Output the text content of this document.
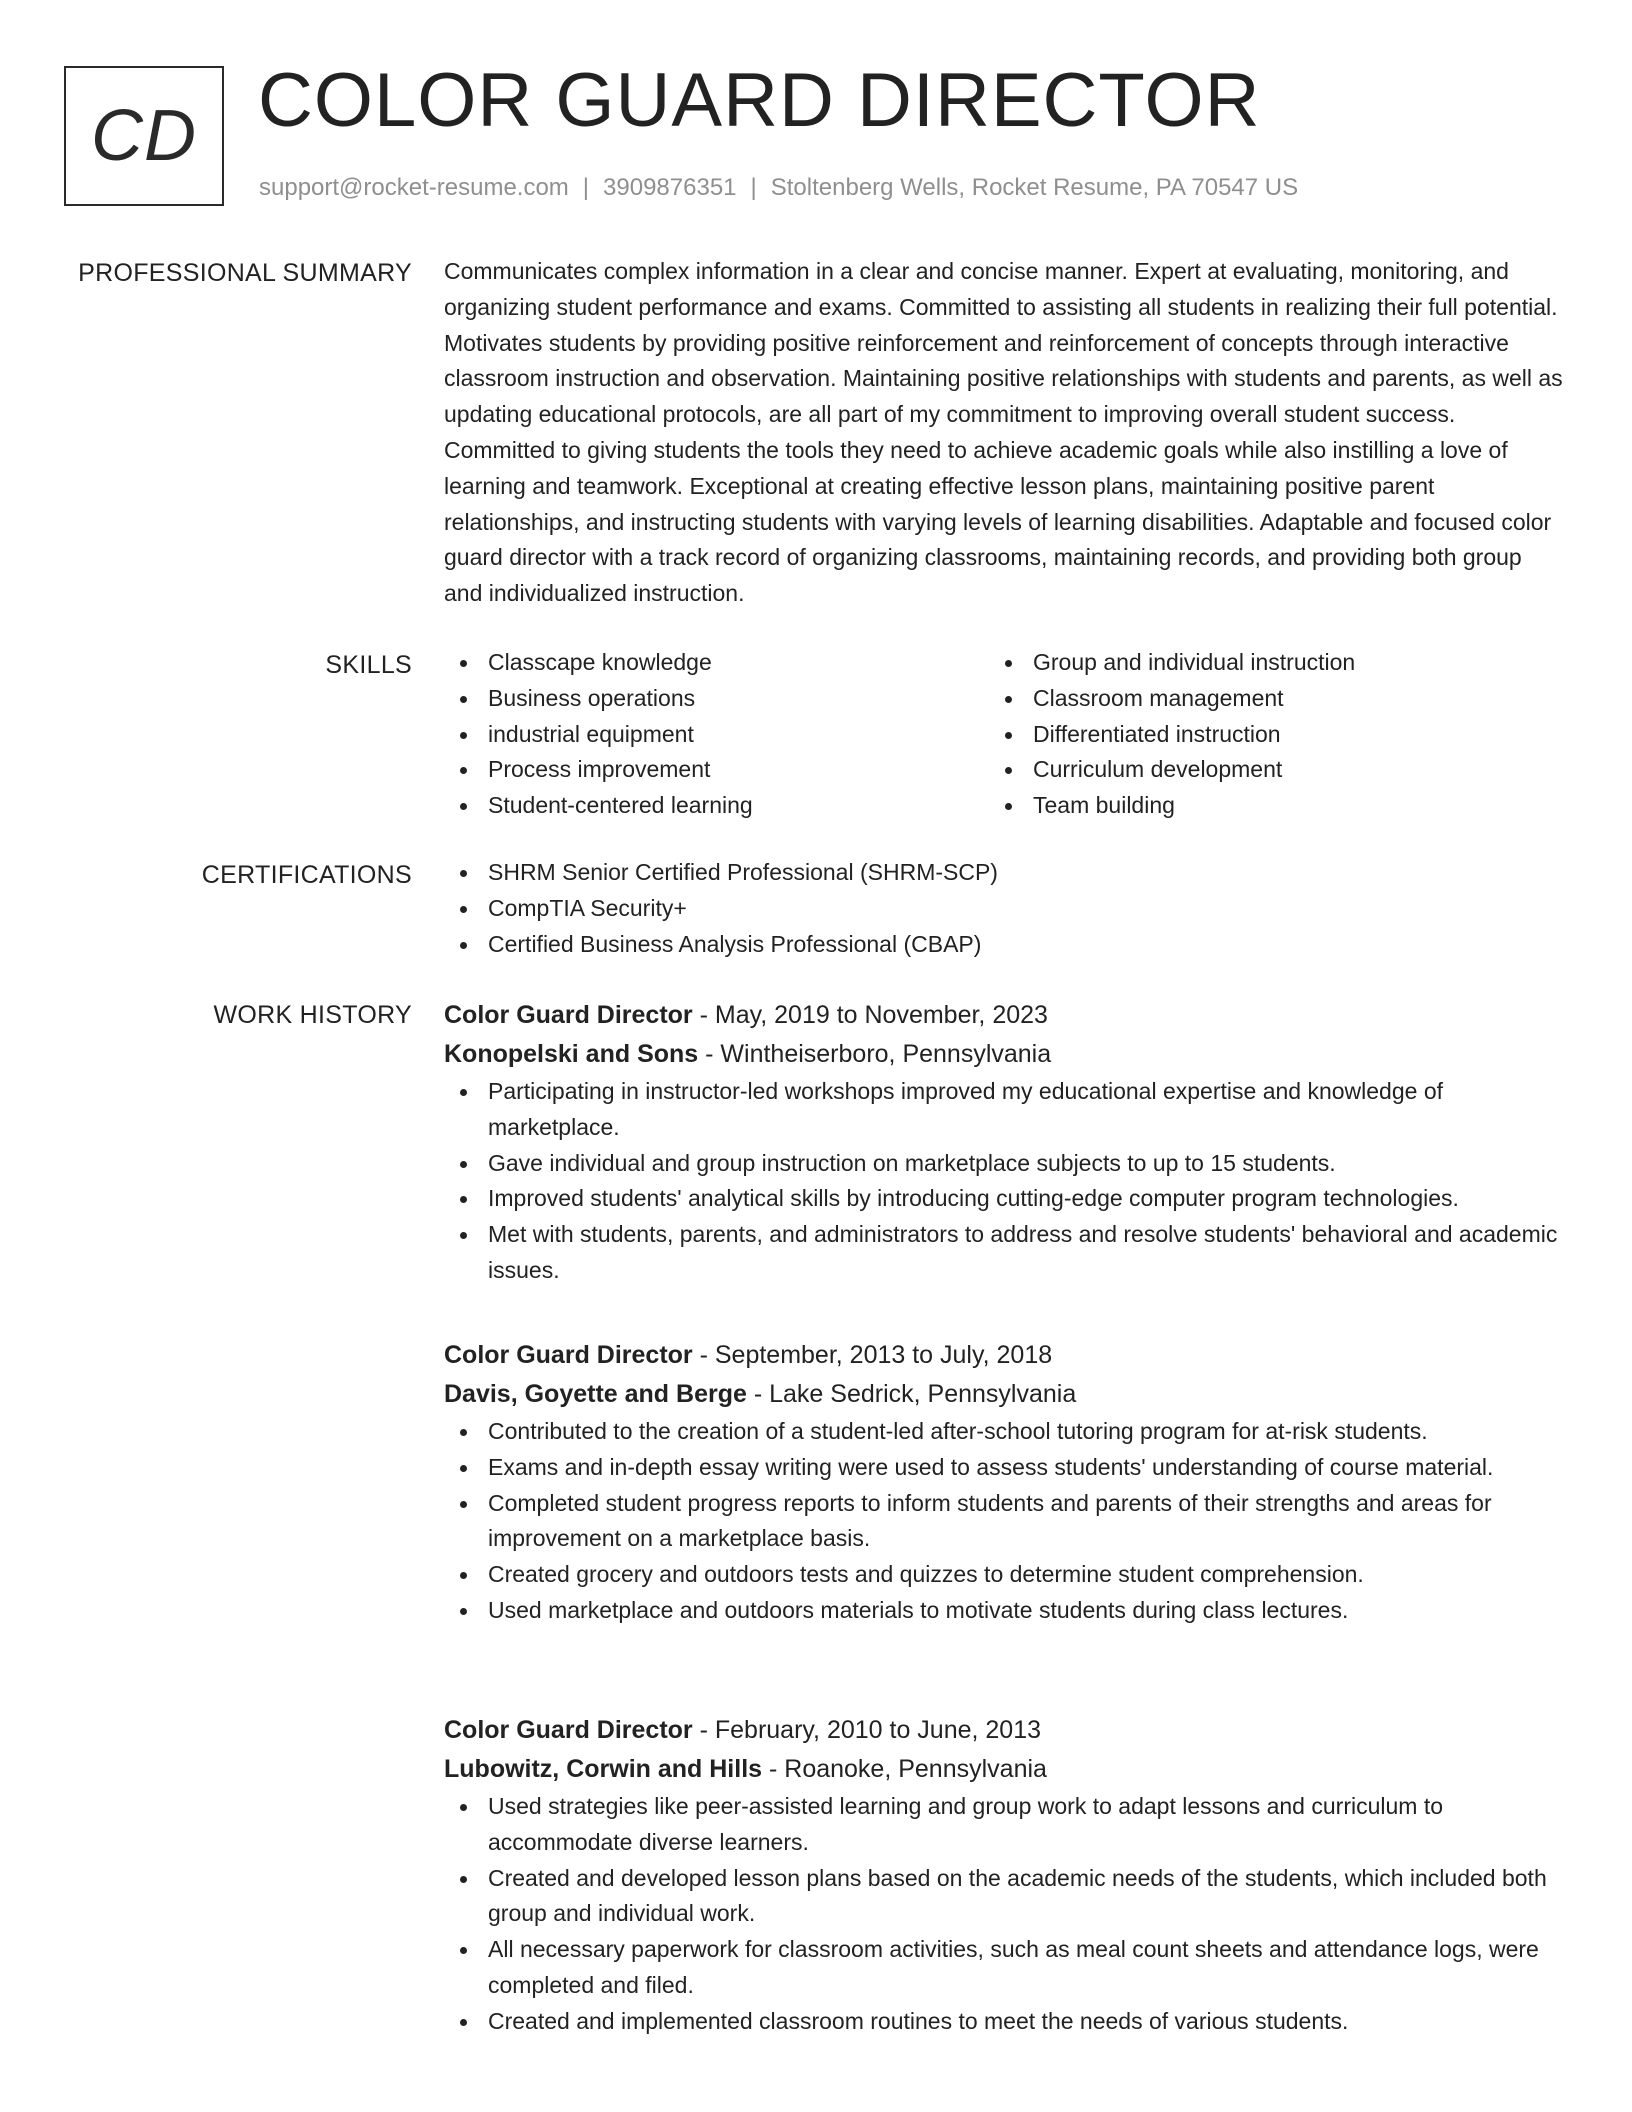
CD COLOR GUARD DIRECTOR
support@rocket-resume.com | 3909876351 | Stoltenberg Wells, Rocket Resume, PA 70547 US
PROFESSIONAL SUMMARY Communicates complex information in a clear and concise manner. Expert at evaluating, monitoring, and organizing student performance and exams. Committed to assisting all students in realizing their full potential. Motivates students by providing positive reinforcement and reinforcement of concepts through interactive classroom instruction and observation. Maintaining positive relationships with students and parents, as well as updating educational protocols, are all part of my commitment to improving overall student success. Committed to giving students the tools they need to achieve academic goals while also instilling a love of learning and teamwork. Exceptional at creating effective lesson plans, maintaining positive parent relationships, and instructing students with varying levels of learning disabilities. Adaptable and focused color guard director with a track record of organizing classrooms, maintaining records, and providing both group and individualized instruction.

SKILLS	Classcape knowledge
Business operations
industrial equipment
Process improvement
Student-centered learning
Group and individual instruction
Classroom management
Differentiated instruction
Curriculum development
Team building
CERTIFICATIONS	SHRM Senior Certified Professional (SHRM-SCP)
CompTIA Security+
Certified Business Analysis Professional (CBAP)
WORK HISTORY Color Guard Director - May, 2019 to November, 2023
Konopelski and Sons - Wintheiserboro, Pennsylvania
Participating in instructor-led workshops improved my educational expertise and knowledge of marketplace.
Gave individual and group instruction on marketplace subjects to up to 15 students.
Improved students' analytical skills by introducing cutting-edge computer program technologies.
Met with students, parents, and administrators to address and resolve students' behavioral and academic issues.
Color Guard Director - September, 2013 to July, 2018
Davis, Goyette and Berge - Lake Sedrick, Pennsylvania
Contributed to the creation of a student-led after-school tutoring program for at-risk students.
Exams and in-depth essay writing were used to assess students' understanding of course material.
Completed student progress reports to inform students and parents of their strengths and areas for improvement on a marketplace basis.
Created grocery and outdoors tests and quizzes to determine student comprehension.
Used marketplace and outdoors materials to motivate students during class lectures.
Color Guard Director - February, 2010 to June, 2013
Lubowitz, Corwin and Hills - Roanoke, Pennsylvania
Used strategies like peer-assisted learning and group work to adapt lessons and curriculum to accommodate diverse learners.
Created and developed lesson plans based on the academic needs of the students, which included both group and individual work.
All necessary paperwork for classroom activities, such as meal count sheets and attendance logs, were completed and filed.
Created and implemented classroom routines to meet the needs of various students.
